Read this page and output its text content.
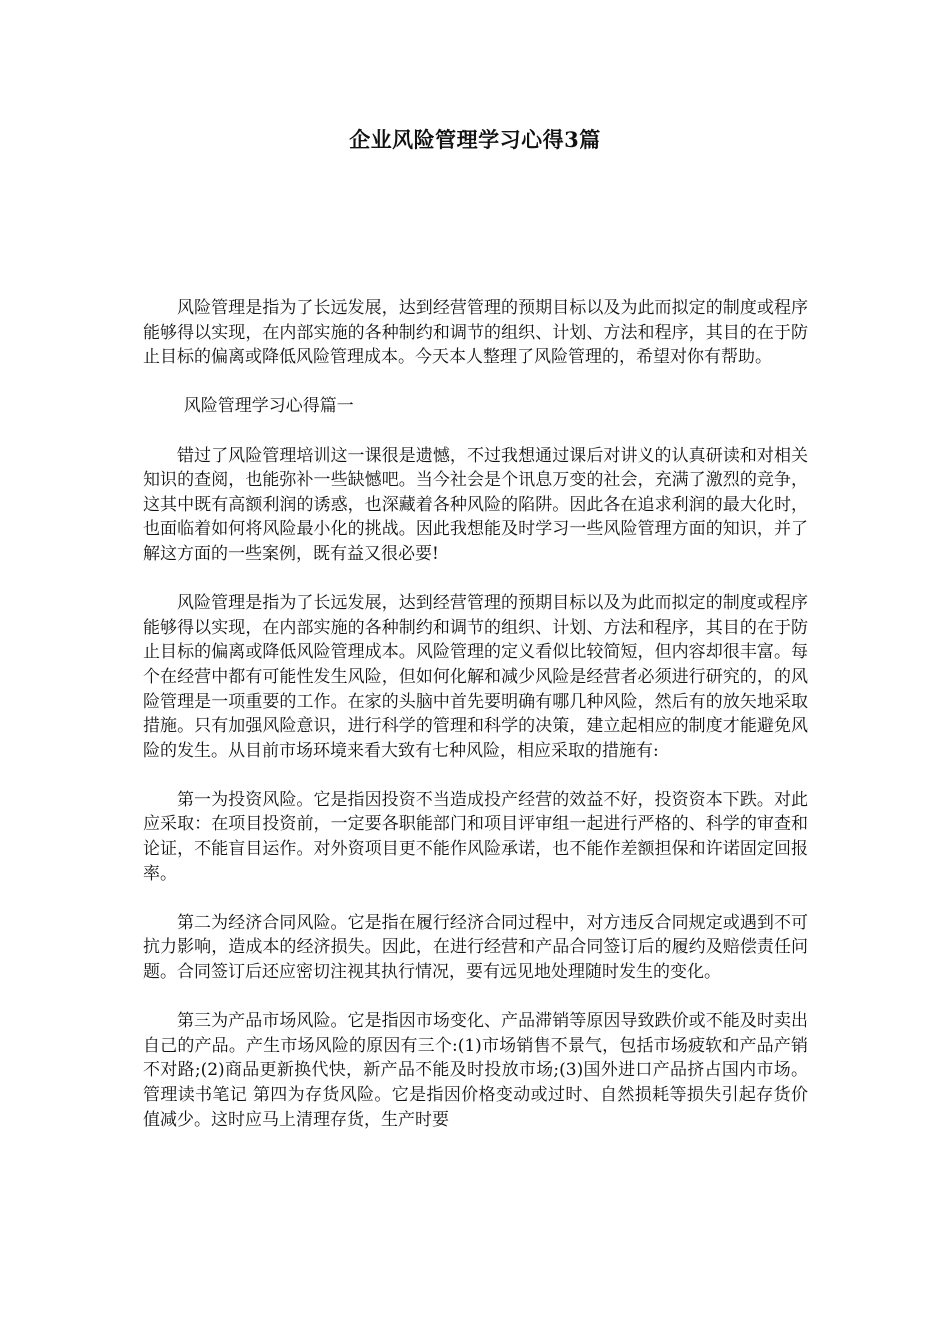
企业风险管理学习心得3篇

风险管理是指为了长远发展，达到经营管理的预期目标以及为此而拟定的制度或程序能够得以实现，在内部实施的各种制约和调节的组织、计划、方法和程序，其目的在于防止目标的偏离或降低风险管理成本。今天本人整理了风险管理的，希望对你有帮助。

风险管理学习心得篇一

错过了风险管理培训这一课很是遗憾，不过我想通过课后对讲义的认真研读和对相关知识的查阅，也能弥补一些缺憾吧。当今社会是个讯息万变的社会，充满了激烈的竞争，这其中既有高额利润的诱惑，也深藏着各种风险的陷阱。因此各在追求利润的最大化时，也面临着如何将风险最小化的挑战。因此我想能及时学习一些风险管理方面的知识，并了解这方面的一些案例，既有益又很必要!

风险管理是指为了长远发展，达到经营管理的预期目标以及为此而拟定的制度或程序能够得以实现，在内部实施的各种制约和调节的组织、计划、方法和程序，其目的在于防止目标的偏离或降低风险管理成本。风险管理的定义看似比较简短，但内容却很丰富。每个在经营中都有可能性发生风险，但如何化解和减少风险是经营者必须进行研究的，的风险管理是一项重要的工作。在家的头脑中首先要明确有哪几种风险，然后有的放矢地采取措施。只有加强风险意识，进行科学的管理和科学的决策，建立起相应的制度才能避免风险的发生。从目前市场环境来看大致有七种风险，相应采取的措施有:

第一为投资风险。它是指因投资不当造成投产经营的效益不好，投资资本下跌。对此应采取：在项目投资前，一定要各职能部门和项目评审组一起进行严格的、科学的审查和论证，不能盲目运作。对外资项目更不能作风险承诺，也不能作差额担保和许诺固定回报率。

第二为经济合同风险。它是指在履行经济合同过程中，对方违反合同规定或遇到不可抗力影响，造成本的经济损失。因此，在进行经营和产品合同签订后的履约及赔偿责任问题。合同签订后还应密切注视其执行情况，要有远见地处理随时发生的变化。

第三为产品市场风险。它是指因市场变化、产品滞销等原因导致跌价或不能及时卖出自己的产品。产生市场风险的原因有三个:(1)市场销售不景气，包括市场疲软和产品产销不对路;(2)商品更新换代快，新产品不能及时投放市场;(3)国外进口产品挤占国内市场。管理读书笔记 第四为存货风险。它是指因价格变动或过时、自然损耗等损失引起存货价值减少。这时应马上清理存货，生产时要
